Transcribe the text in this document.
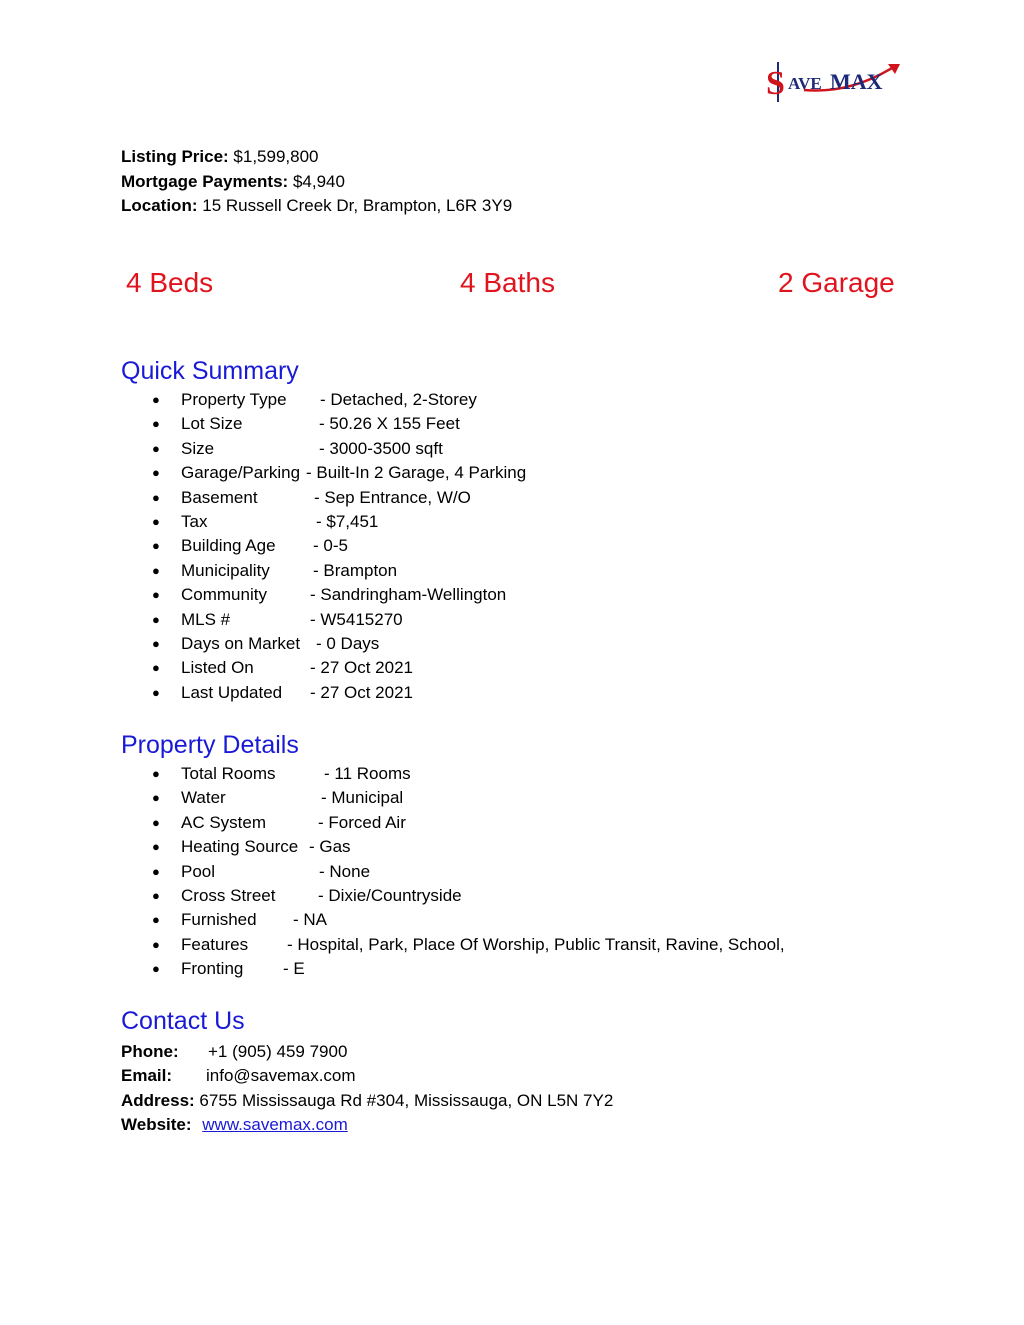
S AVE MAX
Listing Price: $1,599,800
Mortgage Payments: $4,940
Location: 15 Russell Creek Dr, Brampton, L6R 3Y9
4 Beds	4 Baths	2 Garage
Quick Summary
● Property Type - Detached, 2-Storey
● Lot Size	- 50.26 X 155 Feet
● Size	- 3000-3500 sqft
● Garage/Parking - Built-In 2 Garage, 4 Parking
● Basement	- Sep Entrance, W/O
● Tax	- $7,451
● Building Age - 0-5
● Municipality	- Brampton
● Community	- Sandringham-Wellington
● MLS #	- W5415270
● Days on Market - 0 Days
● Listed On	- 27 Oct 2021
● Last Updated - 27 Oct 2021
Property Details
● Total Rooms	- 11 Rooms
● Water	- Municipal
● AC System	- Forced Air
● Heating Source - Gas
● Pool	- None
● Cross Street	- Dixie/Countryside
● Furnished - NA
● Features - Hospital, Park, Place Of Worship, Public Transit, Ravine, School,
● Fronting - E
Contact Us
Phone: +1 (905) 459 7900
Email: info@savemax.com
Address: 6755 Mississauga Rd #304, Mississauga, ON L5N 7Y2
Website: www.savemax.com
